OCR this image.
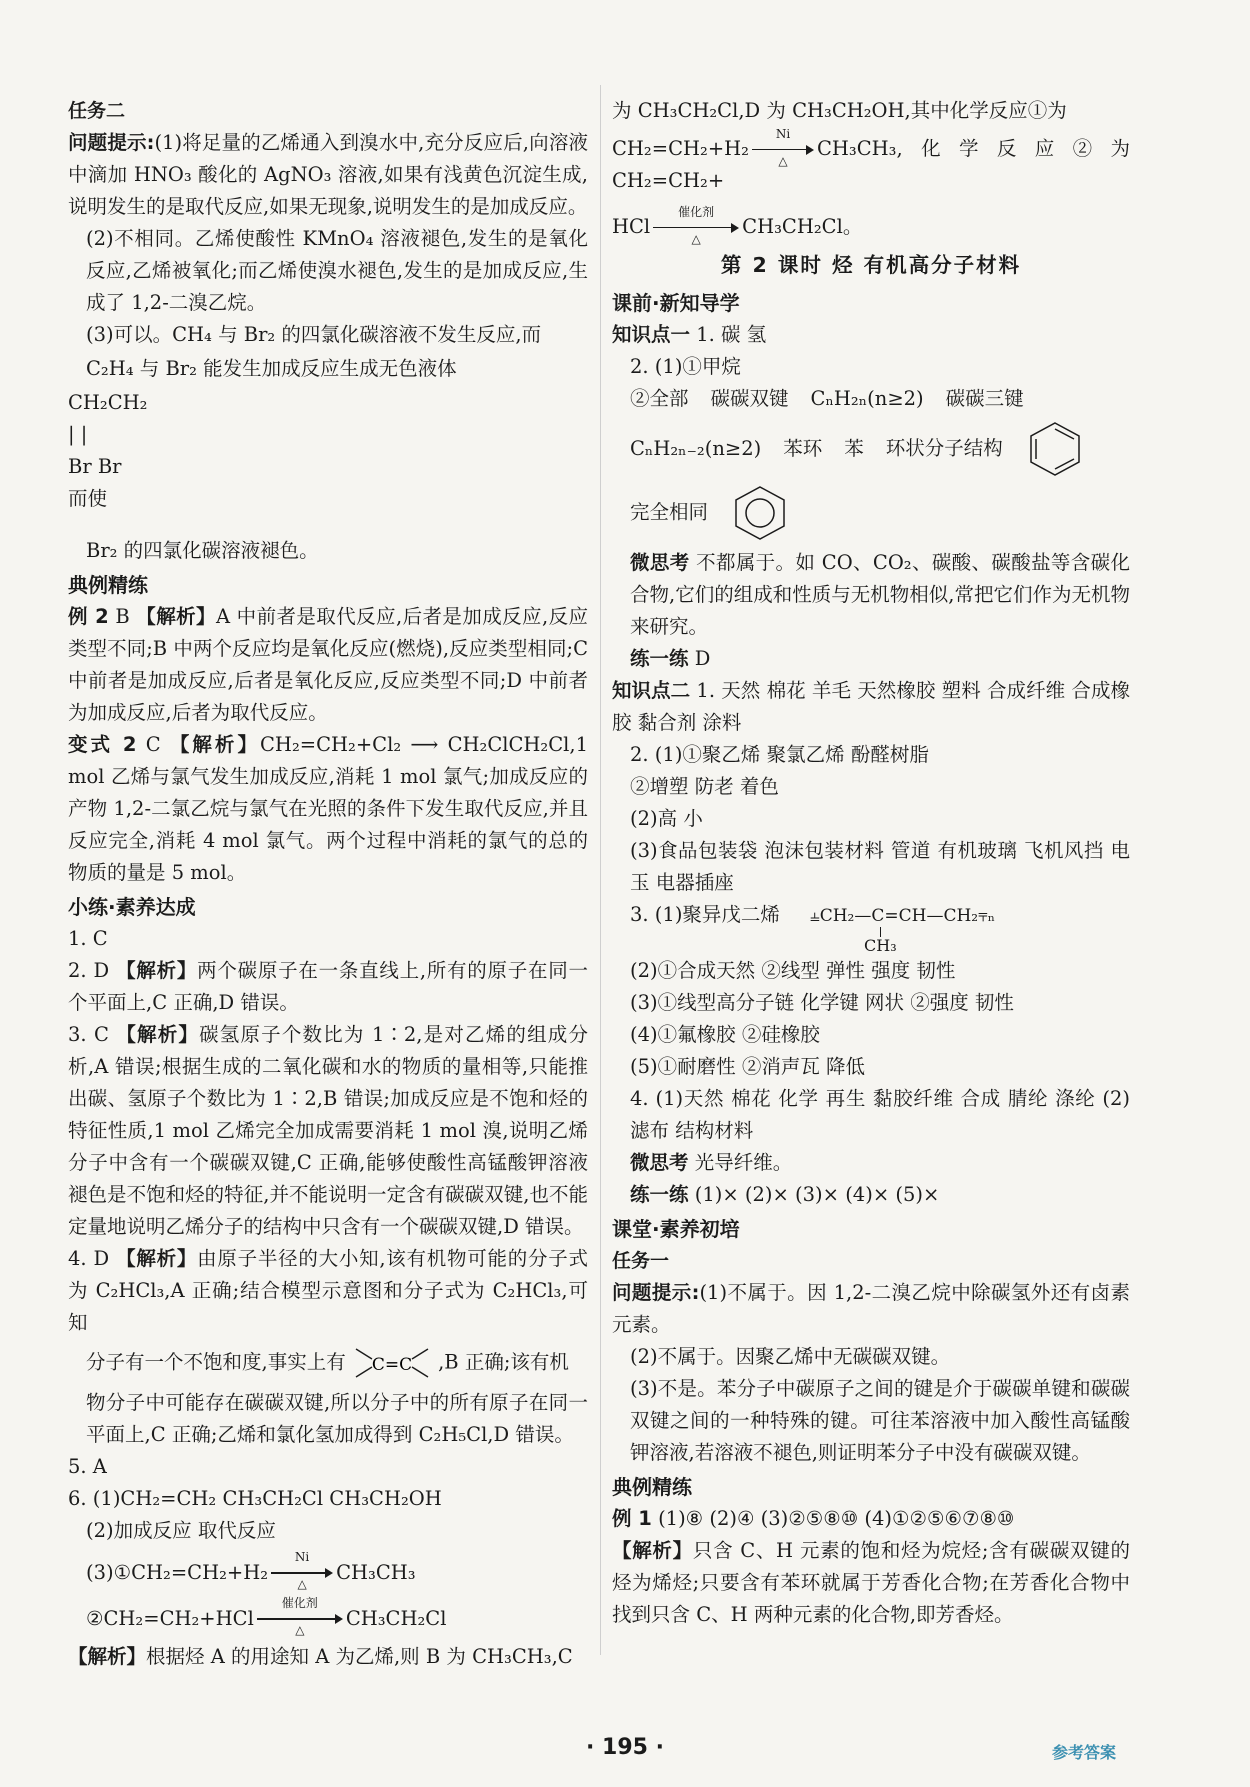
任务二

问题提示:(1)将足量的乙烯通入到溴水中,充分反应后,向溶液中滴加 HNO₃ 酸化的 AgNO₃ 溶液,如果有浅黄色沉淀生成,说明发生的是取代反应,如果无现象,说明发生的是加成反应。

(2)不相同。乙烯使酸性 KMnO₄ 溶液褪色,发生的是氧化反应,乙烯被氧化;而乙烯使溴水褪色,发生的是加成反应,生成了 1,2-二溴乙烷。

(3)可以。CH₄ 与 Br₂ 的四氯化碳溶液不发生反应,而

C₂H₄ 与 Br₂ 能发生加成反应生成无色液体

CH₂CH₂
| |
Br Br
而使

Br₂ 的四氯化碳溶液褪色。

典例精练

例 2 B 【解析】A 中前者是取代反应,后者是加成反应,反应类型不同;B 中两个反应均是氧化反应(燃烧),反应类型相同;C 中前者是加成反应,后者是氧化反应,反应类型不同;D 中前者为加成反应,后者为取代反应。

变式 2 C 【解析】CH₂=CH₂+Cl₂ ⟶ CH₂ClCH₂Cl,1 mol 乙烯与氯气发生加成反应,消耗 1 mol 氯气;加成反应的产物 1,2-二氯乙烷与氯气在光照的条件下发生取代反应,并且反应完全,消耗 4 mol 氯气。两个过程中消耗的氯气的总的物质的量是 5 mol。

小练·素养达成

1. C

2. D 【解析】两个碳原子在一条直线上,所有的原子在同一个平面上,C 正确,D 错误。

3. C 【解析】碳氢原子个数比为 1∶2,是对乙烯的组成分析,A 错误;根据生成的二氧化碳和水的物质的量相等,只能推出碳、氢原子个数比为 1∶2,B 错误;加成反应是不饱和烃的特征性质,1 mol 乙烯完全加成需要消耗 1 mol 溴,说明乙烯分子中含有一个碳碳双键,C 正确,能够使酸性高锰酸钾溶液褪色是不饱和烃的特征,并不能说明一定含有碳碳双键,也不能定量地说明乙烯分子的结构中只含有一个碳碳双键,D 错误。

4. D 【解析】由原子半径的大小知,该有机物可能的分子式为 C₂HCl₃,A 正确;结合模型示意图和分子式为 C₂HCl₃,可知

分子有一个不饱和度,事实上有 C=C ,B 正确;该有机

物分子中可能存在碳碳双键,所以分子中的所有原子在同一平面上,C 正确;乙烯和氯化氢加成得到 C₂H₅Cl,D 错误。

5. A

6. (1)CH₂=CH₂ CH₃CH₂Cl CH₃CH₂OH

(2)加成反应 取代反应

(3)①CH₂=CH₂+H₂
Ni
△
CH₃CH₃

②CH₂=CH₂+HCl
催化剂
△
CH₃CH₂Cl

【解析】根据烃 A 的用途知 A 为乙烯,则 B 为 CH₃CH₃,C

为 CH₃CH₂Cl,D 为 CH₃CH₂OH,其中化学反应①为

CH₂=CH₂+H₂
Ni
△
CH₃CH₃,化学反应②为 CH₂=CH₂+

HCl
催化剂
△
CH₃CH₂Cl。

第 2 课时 烃 有机高分子材料
课前·新知导学

知识点一 1. 碳 氢

2. (1)①甲烷

②全部 碳碳双键 CₙH₂ₙ(n≥2) 碳碳三键

CₙH₂ₙ₋₂(n≥2) 苯环 苯 环状分子结构

完全相同

微思考 不都属于。如 CO、CO₂、碳酸、碳酸盐等含碳化合物,它们的组成和性质与无机物相似,常把它们作为无机物来研究。

练一练 D

知识点二 1. 天然 棉花 羊毛 天然橡胶 塑料 合成纤维 合成橡胶 黏合剂 涂料

2. (1)①聚乙烯 聚氯乙烯 酚醛树脂

②增塑 防老 着色

(2)高 小

(3)食品包装袋 泡沫包装材料 管道 有机玻璃 飞机风挡 电玉 电器插座

3. (1)聚异戊二烯 ⫨CH₂—C=CH—CH₂⫧ₙ
CH₃

(2)①合成天然 ②线型 弹性 强度 韧性

(3)①线型高分子链 化学键 网状 ②强度 韧性

(4)①氟橡胶 ②硅橡胶

(5)①耐磨性 ②消声瓦 降低

4. (1)天然 棉花 化学 再生 黏胶纤维 合成 腈纶 涤纶 (2)滤布 结构材料

微思考 光导纤维。

练一练 (1)× (2)× (3)× (4)× (5)×

课堂·素养初培
任务一

问题提示:(1)不属于。因 1,2-二溴乙烷中除碳氢外还有卤素元素。

(2)不属于。因聚乙烯中无碳碳双键。

(3)不是。苯分子中碳原子之间的键是介于碳碳单键和碳碳双键之间的一种特殊的键。可往苯溶液中加入酸性高锰酸钾溶液,若溶液不褪色,则证明苯分子中没有碳碳双键。

典例精练

例 1 (1)⑧ (2)④ (3)②⑤⑧⑩ (4)①②⑤⑥⑦⑧⑩

【解析】只含 C、H 元素的饱和烃为烷烃;含有碳碳双键的烃为烯烃;只要含有苯环就属于芳香化合物;在芳香化合物中找到只含 C、H 两种元素的化合物,即芳香烃。

· 195 ·	参考答案
